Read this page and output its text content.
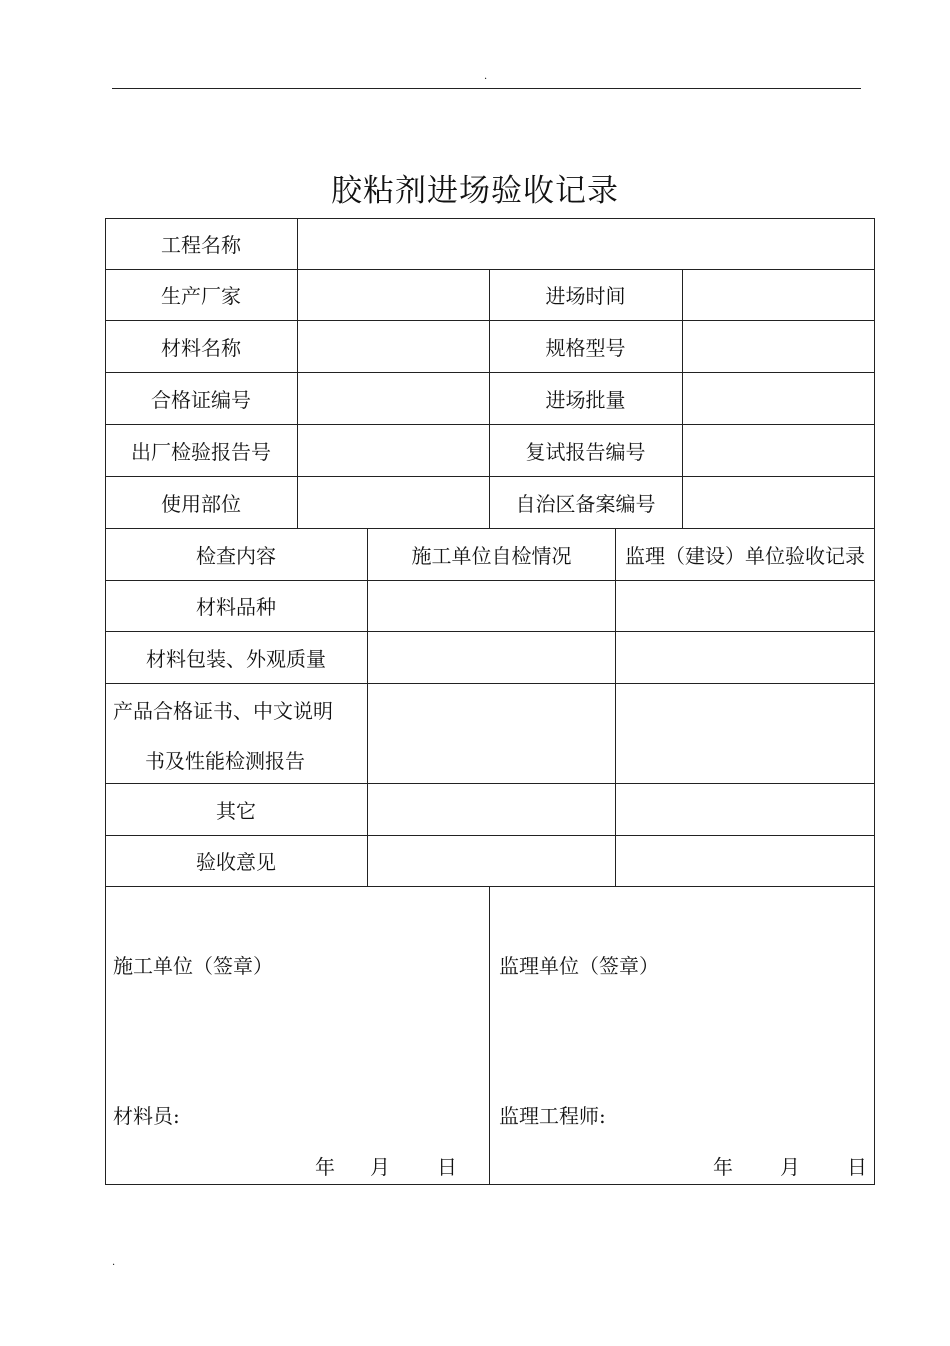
.
胶粘剂进场验收记录
工程名称
生产厂家	进场时间
材料名称	规格型号
合格证编号	进场批量
出厂检验报告号	复试报告编号
使用部位	自治区备案编号
检查内容	施工单位自检情况	监理（建设）单位验收记录
材料品种
材料包装、外观质量
产品合格证书、中文说明
书及性能检测报告
其它
验收意见
施工单位（签章）
材料员:
年 月 日
监理单位（签章）
监理工程师:
年 月 日
.
